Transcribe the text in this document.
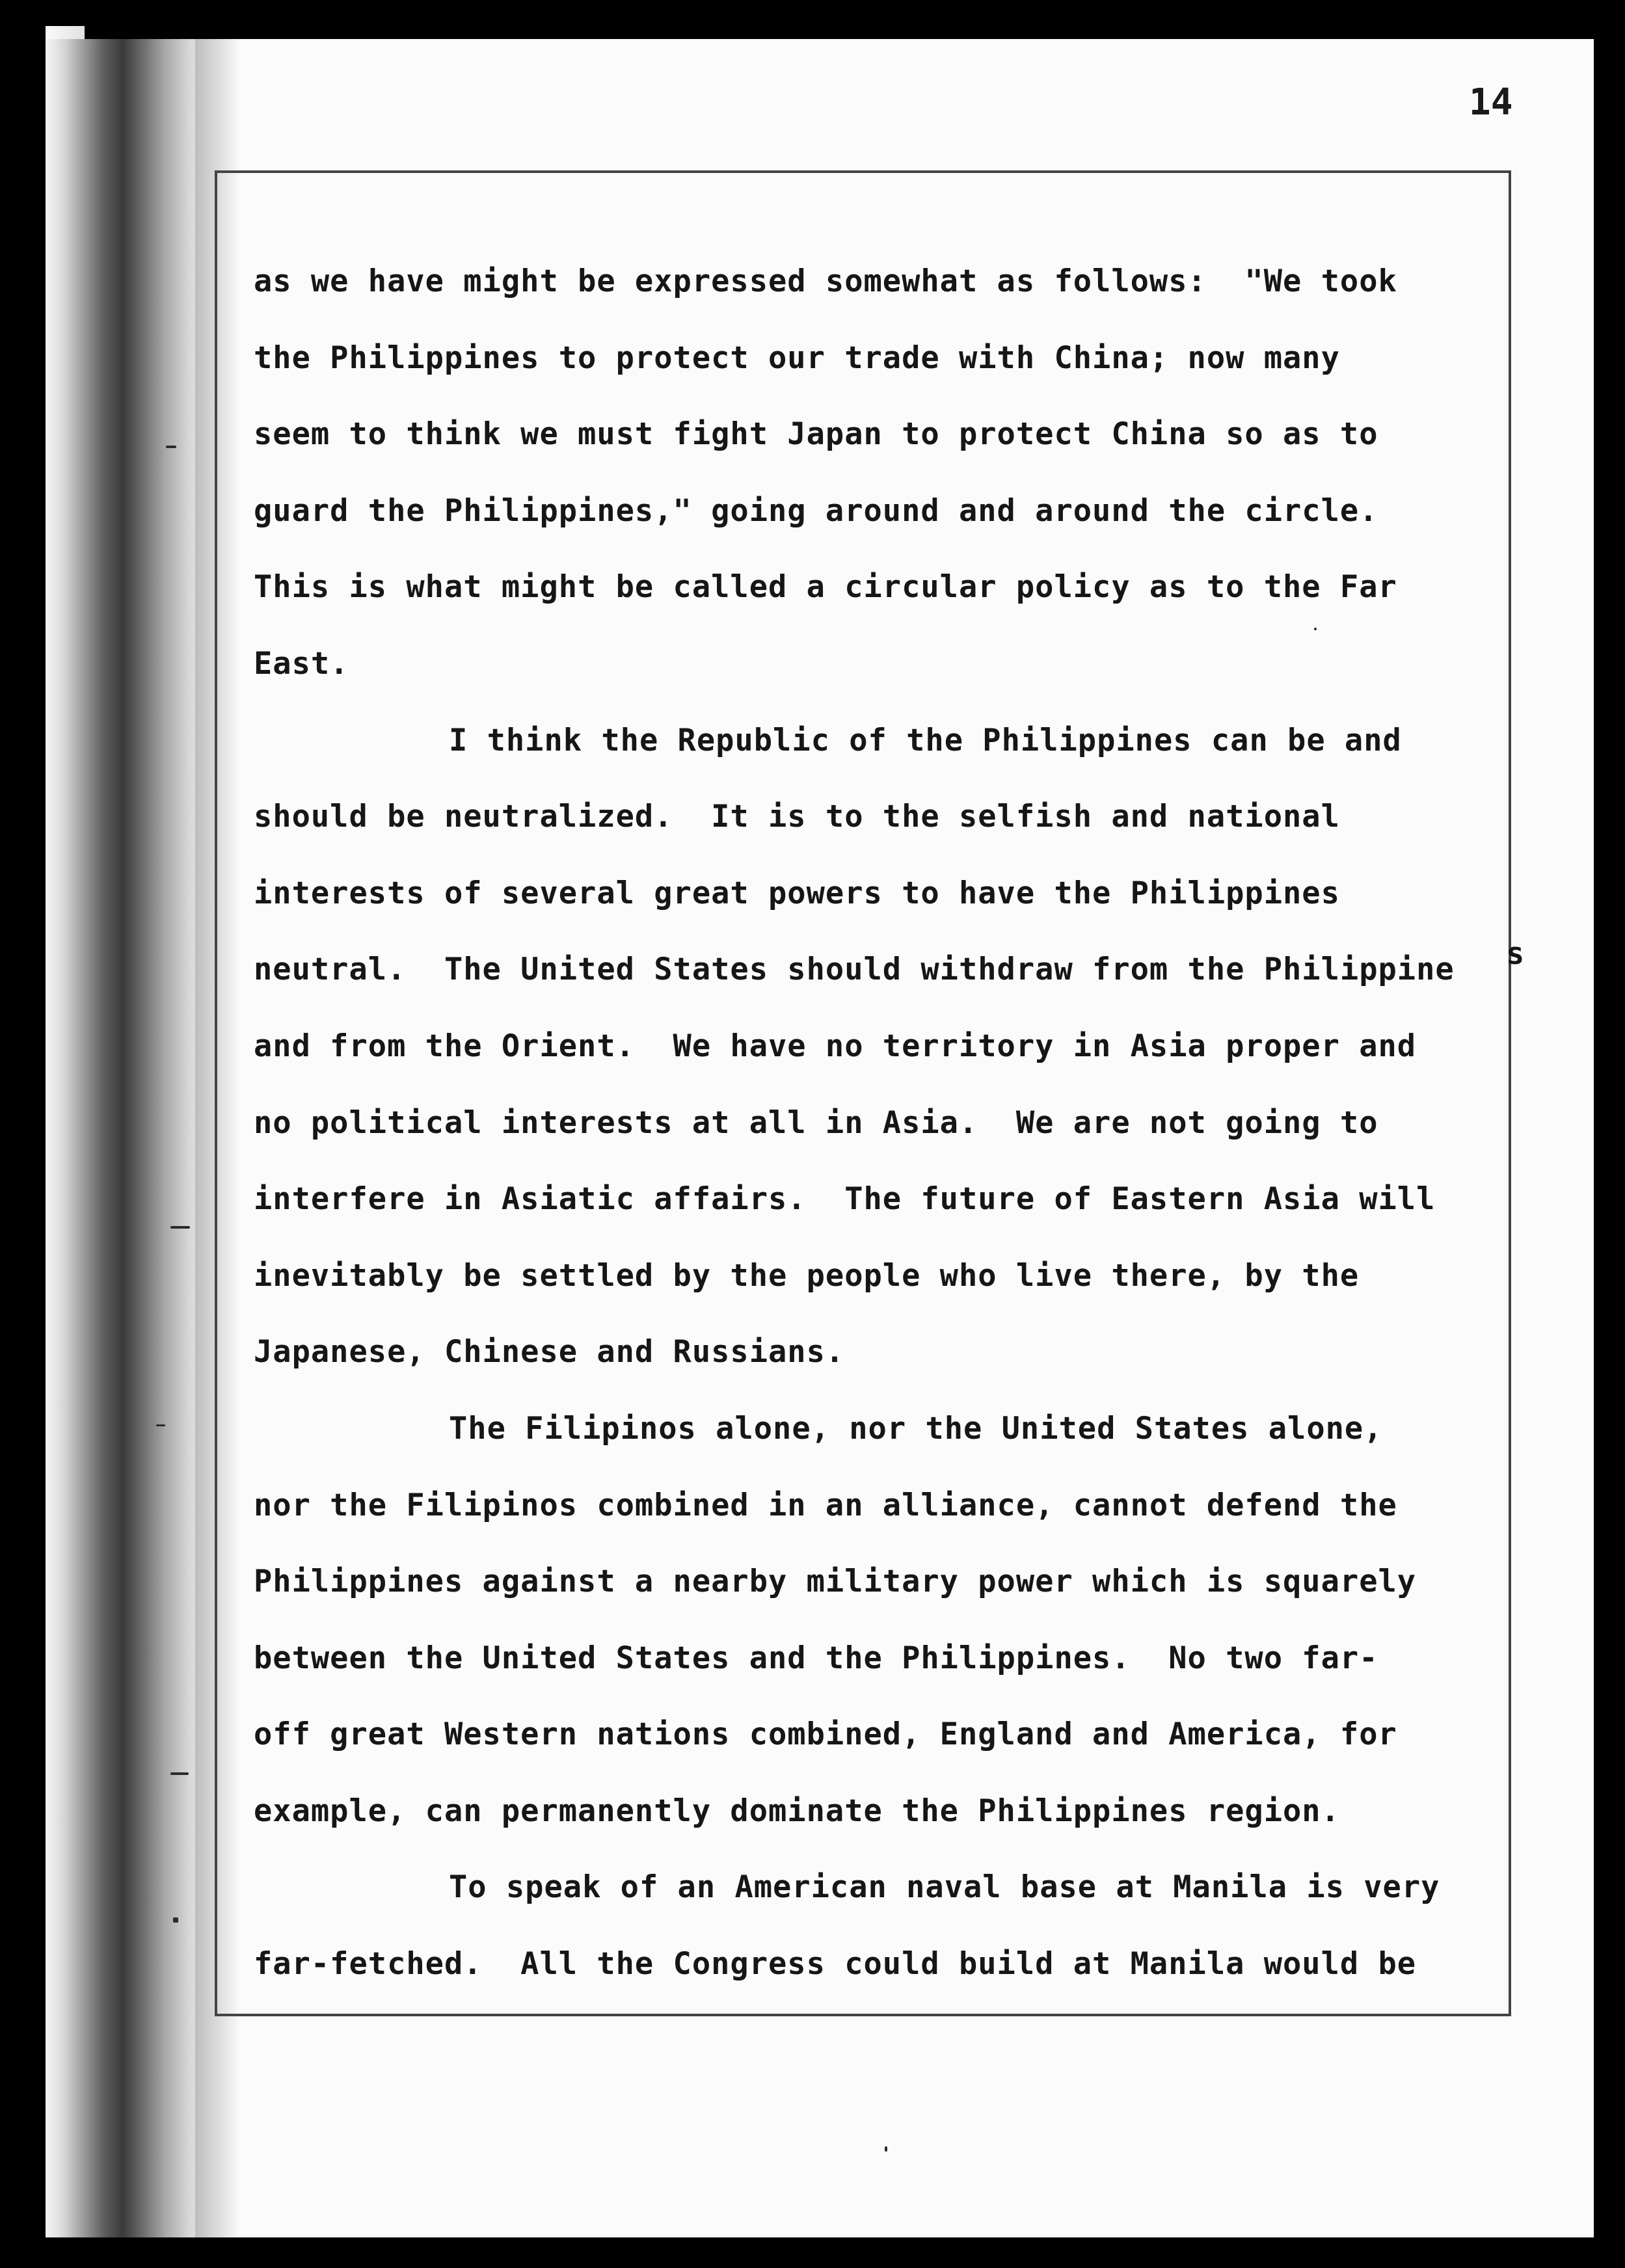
14

as we have might be expressed somewhat as follows:  "We took
the Philippines to protect our trade with China; now many
seem to think we must fight Japan to protect China so as to
guard the Philippines," going around and around the circle.
This is what might be called a circular policy as to the Far
East.
I think the Republic of the Philippines can be and
should be neutralized.  It is to the selfish and national
interests of several great powers to have the Philippines
neutral.  The United States should withdraw from the Philippine
and from the Orient.  We have no territory in Asia proper and
no political interests at all in Asia.  We are not going to
interfere in Asiatic affairs.  The future of Eastern Asia will
inevitably be settled by the people who live there, by the
Japanese, Chinese and Russians.
The Filipinos alone, nor the United States alone,
nor the Filipinos combined in an alliance, cannot defend the
Philippines against a nearby military power which is squarely
between the United States and the Philippines.  No two far-
off great Western nations combined, England and America, for
example, can permanently dominate the Philippines region.
To speak of an American naval base at Manila is very
far-fetched.  All the Congress could build at Manila would be

s
